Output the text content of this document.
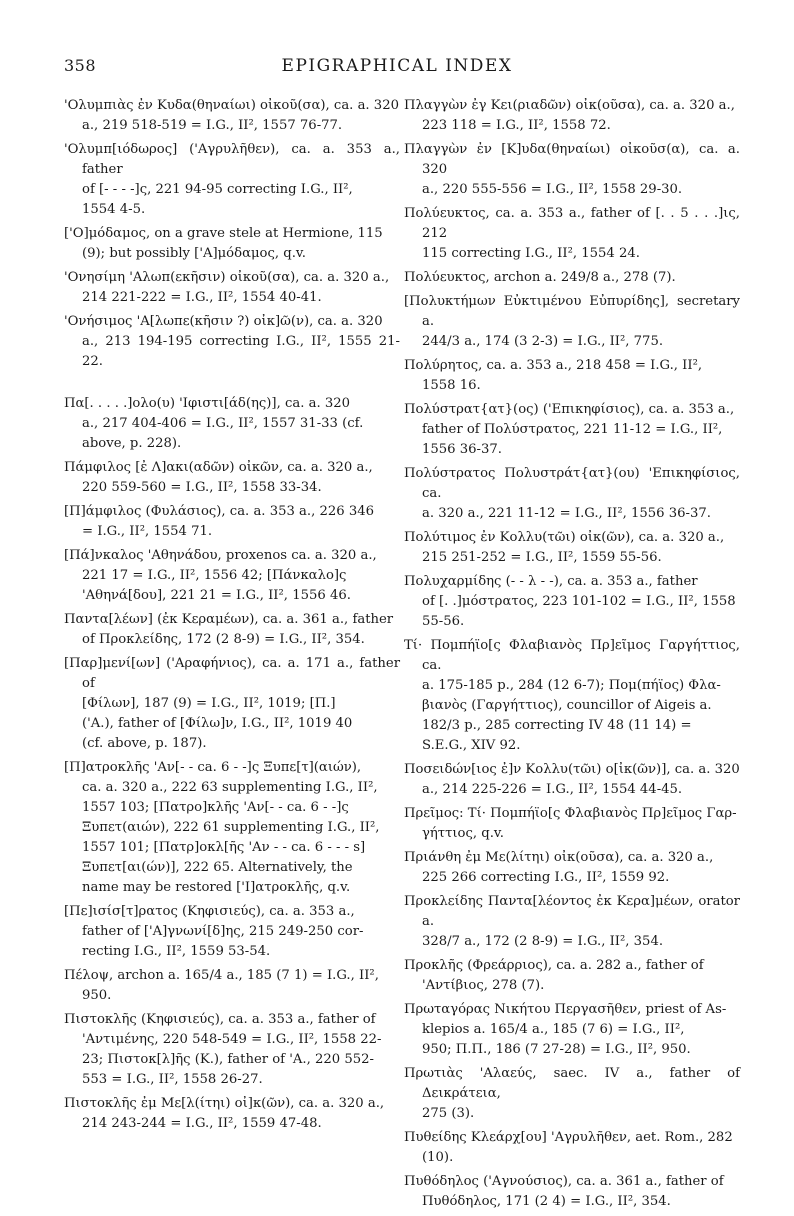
358	EPIGRAPHICAL INDEX

'Ολυμπιὰς ἐν Κυδα(θηναίωι) οἰκοῦ(σα), ca. a. 320
a., 219 518-519 = I.G., II², 1557 76-77.

'Ολυμπ[ιόδωρος] ('Αγρυλῆθεν), ca. a. 353 a., father
of [- - - -]ς, 221 94-95 correcting I.G., II²,
1554 4-5.

['O]μόδαμος, on a grave stele at Hermione, 115
(9); but possibly ['A]μόδαμος, q.v.

'Ονησίμη 'Αλωπ(εκῆσιν) οἰκοῦ(σα), ca. a. 320 a.,
214 221-222 = I.G., II², 1554 40-41.

'Ονήσιμος 'Α[λωπε(κῆσιν ?) οἰκ]ῶ(ν), ca. a. 320
a., 213 194-195 correcting I.G., II², 1555 21-22.

Πα[. . . . .]ολο(υ) 'Ιφιστι[άδ(ης)], ca. a. 320
a., 217 404-406 = I.G., II², 1557 31-33 (cf.
above, p. 228).

Πάμφιλος [ἐ Λ]ακι(αδῶν) οἰκῶν, ca. a. 320 a.,
220 559-560 = I.G., II², 1558 33-34.

[Π]άμφιλος (Φυλάσιος), ca. a. 353 a., 226 346
= I.G., II², 1554 71.

[Πά]νκαλος 'Αθηνάδου, proxenos ca. a. 320 a.,
221 17 = I.G., II², 1556 42; [Πάνκαλο]ς
'Αθηνά[δου], 221 21 = I.G., II², 1556 46.

Παντα[λέων] (ἐκ Κεραμέων), ca. a. 361 a., father
of Προκλείδης, 172 (2 8-9) = I.G., II², 354.

[Παρ]μενί[ων] ('Αραφήνιος), ca. a. 171 a., father of
[Φίλων], 187 (9) = I.G., II², 1019; [Π.]
('A.), father of [Φίλω]ν, I.G., II², 1019 40
(cf. above, p. 187).

[Π]ατροκλῆς 'Αν[- - ca. 6 - -]ς Ξυπε[τ](αιών),
ca. a. 320 a., 222 63 supplementing I.G., II²,
1557 103; [Πατρο]κλῆς 'Αν[- - ca. 6 - -]ς
Ξυπετ(αιών), 222 61 supplementing I.G., II²,
1557 101; [Πατρ]οκλ[ῆς 'Αν - - ca. 6 - - - s]
Ξυπετ[αι(ών)], 222 65. Alternatively, the
name may be restored ['I]ατροκλῆς, q.v.

[Πε]ισίσ[τ]ρατος (Κηφισιεύς), ca. a. 353 a.,
father of ['A]γνωνί[δ]ης, 215 249-250 cor-
recting I.G., II², 1559 53-54.

Πέλοψ, archon a. 165/4 a., 185 (7 1) = I.G., II²,
950.

Πιστοκλῆς (Κηφισιεύς), ca. a. 353 a., father of
'Αντιμένης, 220 548-549 = I.G., II², 1558 22-
23; Πιστοκ[λ]ῆς (K.), father of 'A., 220 552-
553 = I.G., II², 1558 26-27.

Πιστοκλῆς ἐμ Με[λ(ίτηι) οἰ]κ(ῶν), ca. a. 320 a.,
214 243-244 = I.G., II², 1559 47-48.

Πλαγγὼν ἐγ Κει(ριαδῶν) οἰκ(οῦσα), ca. a. 320 a.,
223 118 = I.G., II², 1558 72.

Πλαγγὼν ἐν [K]υδα(θηναίωι) οἰκοῦσ(α), ca. a. 320
a., 220 555-556 = I.G., II², 1558 29-30.

Πολύευκτος, ca. a. 353 a., father of [. . 5 . . .]ις, 212
115 correcting I.G., II², 1554 24.

Πολύευκτος, archon a. 249/8 a., 278 (7).

[Πολυκτήμων Εὐκτιμένου Εὐπυρίδης], secretary a.
244/3 a., 174 (3 2-3) = I.G., II², 775.

Πολύρητος, ca. a. 353 a., 218 458 = I.G., II²,
1558 16.

Πολύστρατ{ατ}(ος) ('Επικηφίσιος), ca. a. 353 a.,
father of Πολύστρατος, 221 11-12 = I.G., II²,
1556 36-37.

Πολύστρατος Πολυστράτ{ατ}(ου) 'Επικηφίσιος, ca.
a. 320 a., 221 11-12 = I.G., II², 1556 36-37.

Πολύτιμος ἐν Κολλυ(τῶι) οἰκ(ῶν), ca. a. 320 a.,
215 251-252 = I.G., II², 1559 55-56.

Πολυχαρμίδης (- - λ - -), ca. a. 353 a., father
of [. .]μόστρατος, 223 101-102 = I.G., II², 1558
55-56.

Τί· Πομπήϊο[ς Φλαβιανὸς Πρ]εῖμος Γαργήττιος, ca.
a. 175-185 p., 284 (12 6-7); Πομ(πήϊος) Φλα-
βιανὸς (Γαργήττιος), councillor of Aigeis a.
182/3 p., 285 correcting IV 48 (11 14) =
S.E.G., XIV 92.

Ποσειδών[ιος ἐ]ν Κολλυ(τῶι) ο[ἰκ(ῶν)], ca. a. 320
a., 214 225-226 = I.G., II², 1554 44-45.

Πρεῖμος: Τί· Πομπήϊο[ς Φλαβιανὸς Πρ]εῖμος Γαρ-
γήττιος, q.v.

Πριάνθη ἐμ Με(λίτηι) οἰκ(οῦσα), ca. a. 320 a.,
225 266 correcting I.G., II², 1559 92.

Προκλείδης Παντα[λέοντος ἐκ Κερα]μέων, orator a.
328/7 a., 172 (2 8-9) = I.G., II², 354.

Προκλῆς (Φρεάρριος), ca. a. 282 a., father of
'Αντίβιος, 278 (7).

Πρωταγόρας Νικήτου Περγασῆθεν, priest of As-
klepios a. 165/4 a., 185 (7 6) = I.G., II²,
950; Π.Π., 186 (7 27-28) = I.G., II², 950.

Πρωτιὰς 'Αλαεύς, saec. IV a., father of Δεικράτεια,
275 (3).

Πυθείδης Κλεάρχ[ου] 'Αγρυλῆθεν, aet. Rom., 282
(10).

Πυθόδηλος ('Αγνούσιος), ca. a. 361 a., father of
Πυθόδηλος, 171 (2 4) = I.G., II², 354.
